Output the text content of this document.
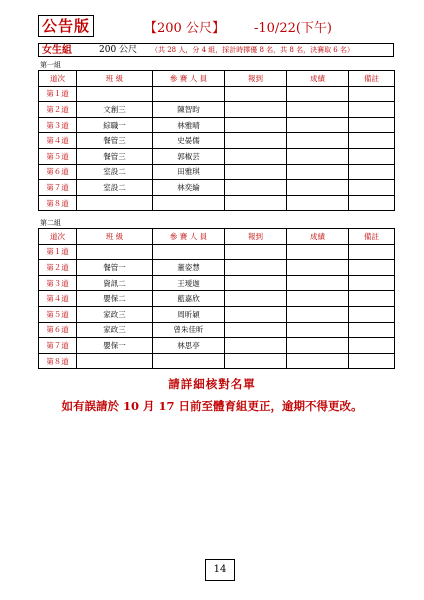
公告版	【200 公尺】 -10/22(下午)
女生組	200 公尺 （共 28 人，分 4 組，採計時擇優 8 名，共 8 名，決賽取 6 名）
第一組
道次	班 級	參 賽 人 員	報到	成績	備註
第１道					
第２道	文創三	陳智昀			
第３道	綜職一	林雅晴			
第４道	餐管三	史晏儒			
第５道	餐管三	郭椒芸			
第６道	室設二	田雅琪			
第７道	室設二	林奕綸			
第８道					
第二組
道次	班 級	參 賽 人 員	報到	成績	備註
第１道					
第２道	餐管一	董姿慧			
第３道	資訊二	王璦迦			
第４道	嬰保二	藍嘉欣			
第５道	家政三	周昕穎			
第６道	家政三	曾朱佳昕			
第７道	嬰保一	林思亭			
第８道					
請詳細核對名單
如有誤請於 10 月 17 日前至體育組更正，逾期不得更改。
14
